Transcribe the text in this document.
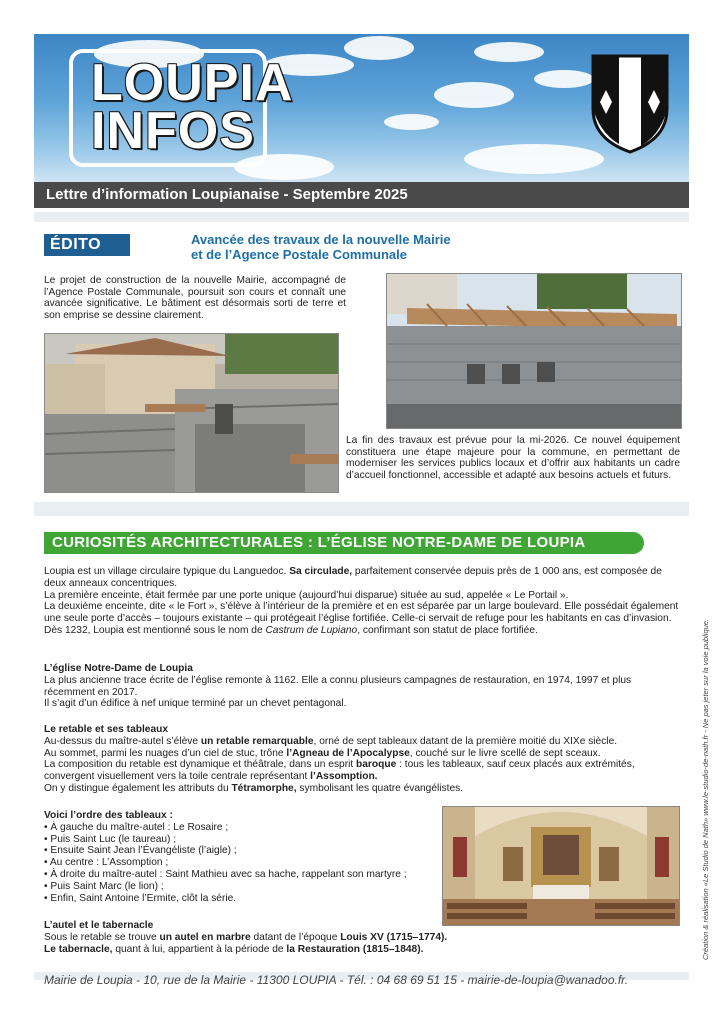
LOUPIA
INFOS
Lettre d’information Loupianaise - Septembre 2025
ÉDITO	Avancée des travaux de la nouvelle Mairie
et de l’Agence Postale Communale
Le projet de construction de la nouvelle Mairie, accompagné de l’Agence Postale Communale, poursuit son cours et connaît une avancée significative. Le bâtiment est désormais sorti de terre et son emprise se dessine clairement.
La fin des travaux est prévue pour la mi-2026. Ce nouvel équipement constituera une étape majeure pour la commune, en permettant de moderniser les services publics locaux et d’offrir aux habitants un cadre d’accueil fonctionnel, accessible et adapté aux besoins actuels et futurs.
CURIOSITÉS ARCHITECTURALES : L’ÉGLISE NOTRE-DAME DE LOUPIA
Loupia est un village circulaire typique du Languedoc. Sa circulade, parfaitement conservée depuis près de 1 000 ans, est composée de deux anneaux concentriques.
La première enceinte, était fermée par une porte unique (aujourd’hui disparue) située au sud, appelée « Le Portail ».
La deuxième enceinte, dite « le Fort », s’élève à l’intérieur de la première et en est séparée par un large boulevard. Elle possédait également une seule porte d’accès – toujours existante – qui protégeait l’église fortifiée. Celle-ci servait de refuge pour les habitants en cas d’invasion.
Dès 1232, Loupia est mentionné sous le nom de Castrum de Lupiano, confirmant son statut de place fortifiée.
L’église Notre-Dame de Loupia
La plus ancienne trace écrite de l’église remonte à 1162. Elle a connu plusieurs campagnes de restauration, en 1974, 1997 et plus récemment en 2017.
Il s’agit d’un édifice à nef unique terminé par un chevet pentagonal.
Le retable et ses tableaux
Au-dessus du maître-autel s’élève un retable remarquable, orné de sept tableaux datant de la première moitié du XIXe siècle.
Au sommet, parmi les nuages d’un ciel de stuc, trône l’Agneau de l’Apocalypse, couché sur le livre scellé de sept sceaux.
La composition du retable est dynamique et théâtrale, dans un esprit baroque : tous les tableaux, sauf ceux placés aux extrémités, convergent visuellement vers la toile centrale représentant l’Assomption.
On y distingue également les attributs du Tétramorphe, symbolisant les quatre évangélistes.
Voici l’ordre des tableaux :
• À gauche du maître-autel : Le Rosaire ;
• Puis Saint Luc (le taureau) ;
• Ensuite Saint Jean l’Évangéliste (l’aigle) ;
• Au centre : L’Assomption ;
• À droite du maître-autel : Saint Mathieu avec sa hache, rappelant son martyre ;
• Puis Saint Marc (le lion) ;
• Enfin, Saint Antoine l’Ermite, clôt la série.
L’autel et le tabernacle
Sous le retable se trouve un autel en marbre datant de l’époque Louis XV (1715–1774).
Le tabernacle, quant à lui, appartient à la période de la Restauration (1815–1848).
Mairie de Loupia - 10, rue de la Mairie - 11300 LOUPIA - Tél. : 04 68 69 51 15 - mairie-de-loupia@wanadoo.fr.
Création & réalisation «Le Studio de Nath» www.le-studio-de-nath.fr - Ne pas jeter sur la voie publique.
